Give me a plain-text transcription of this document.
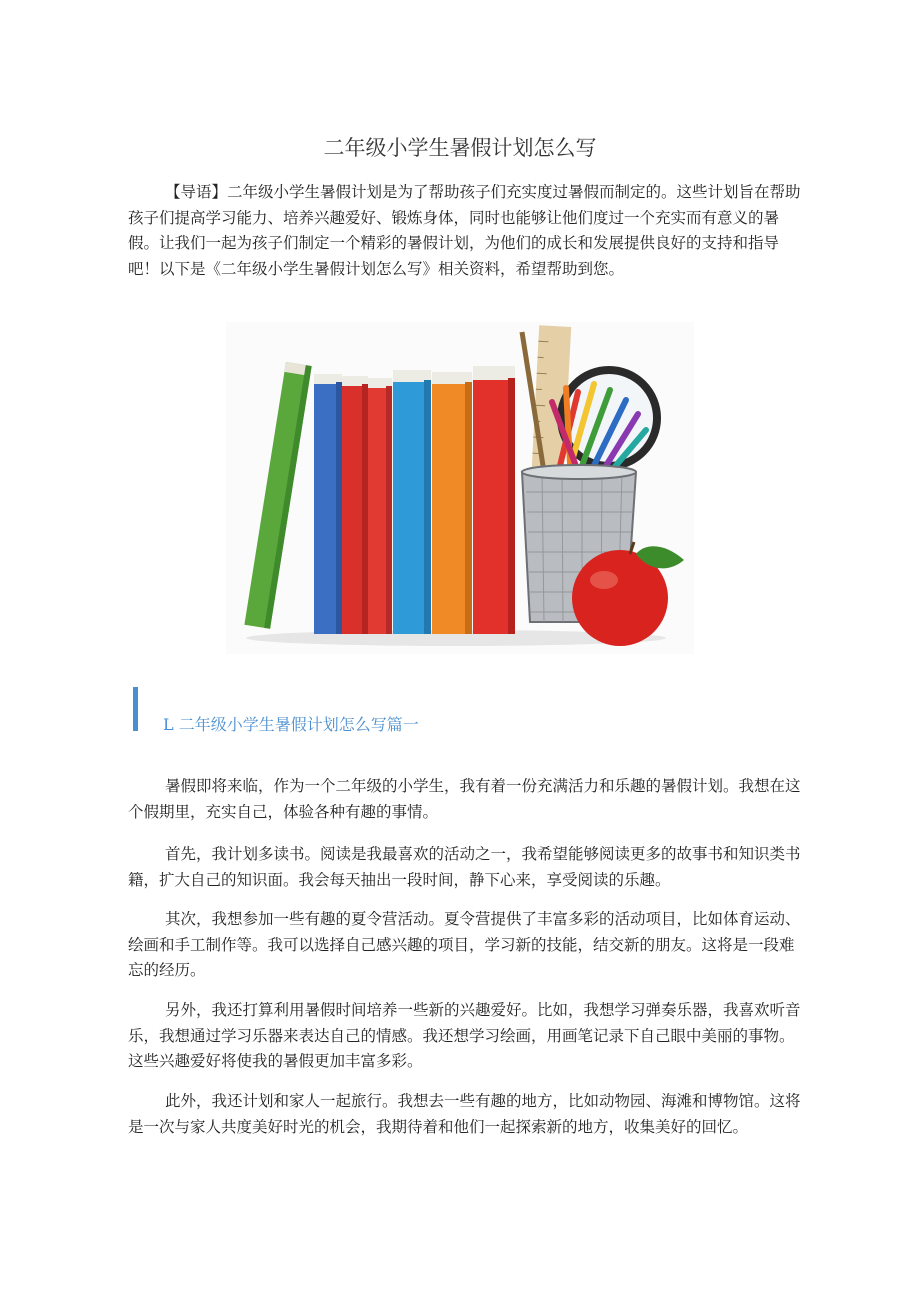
二年级小学生暑假计划怎么写

【导语】二年级小学生暑假计划是为了帮助孩子们充实度过暑假而制定的。这些计划旨在帮助孩子们提高学习能力、培养兴趣爱好、锻炼身体，同时也能够让他们度过一个充实而有意义的暑假。让我们一起为孩子们制定一个精彩的暑假计划，为他们的成长和发展提供良好的支持和指导吧！以下是《二年级小学生暑假计划怎么写》相关资料，希望帮助到您。

L 二年级小学生暑假计划怎么写篇一

暑假即将来临，作为一个二年级的小学生，我有着一份充满活力和乐趣的暑假计划。我想在这个假期里，充实自己，体验各种有趣的事情。

首先，我计划多读书。阅读是我最喜欢的活动之一，我希望能够阅读更多的故事书和知识类书籍，扩大自己的知识面。我会每天抽出一段时间，静下心来，享受阅读的乐趣。

其次，我想参加一些有趣的夏令营活动。夏令营提供了丰富多彩的活动项目，比如体育运动、绘画和手工制作等。我可以选择自己感兴趣的项目，学习新的技能，结交新的朋友。这将是一段难忘的经历。

另外，我还打算利用暑假时间培养一些新的兴趣爱好。比如，我想学习弹奏乐器，我喜欢听音乐，我想通过学习乐器来表达自己的情感。我还想学习绘画，用画笔记录下自己眼中美丽的事物。这些兴趣爱好将使我的暑假更加丰富多彩。

此外，我还计划和家人一起旅行。我想去一些有趣的地方，比如动物园、海滩和博物馆。这将是一次与家人共度美好时光的机会，我期待着和他们一起探索新的地方，收集美好的回忆。
